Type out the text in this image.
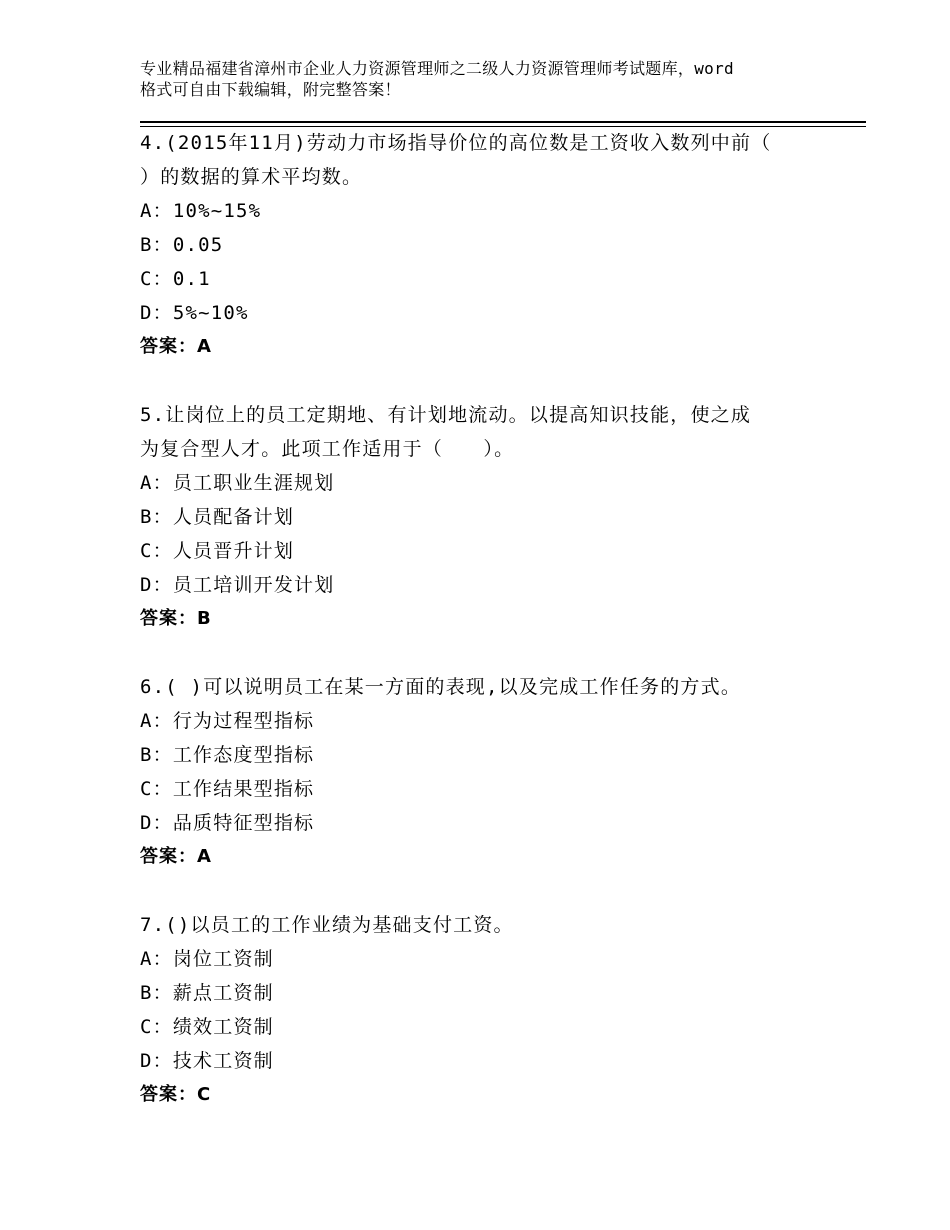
专业精品福建省漳州市企业人力资源管理师之二级人力资源管理师考试题库，word
格式可自由下载编辑，附完整答案！
4.(2015年11月)劳动力市场指导价位的高位数是工资收入数列中前（
）的数据的算术平均数。
A：10%~15%
B：0.05
C：0.1
D：5%~10%
答案：A
5.让岗位上的员工定期地、有计划地流动。以提高知识技能，使之成
为复合型人才。此项工作适用于（　　）。
A：员工职业生涯规划
B：人员配备计划
C：人员晋升计划
D：员工培训开发计划
答案：B
6.( )可以说明员工在某一方面的表现,以及完成工作任务的方式。
A：行为过程型指标
B：工作态度型指标
C：工作结果型指标
D：品质特征型指标
答案：A
7.()以员工的工作业绩为基础支付工资。
A：岗位工资制
B：薪点工资制
C：绩效工资制
D：技术工资制
答案：C
